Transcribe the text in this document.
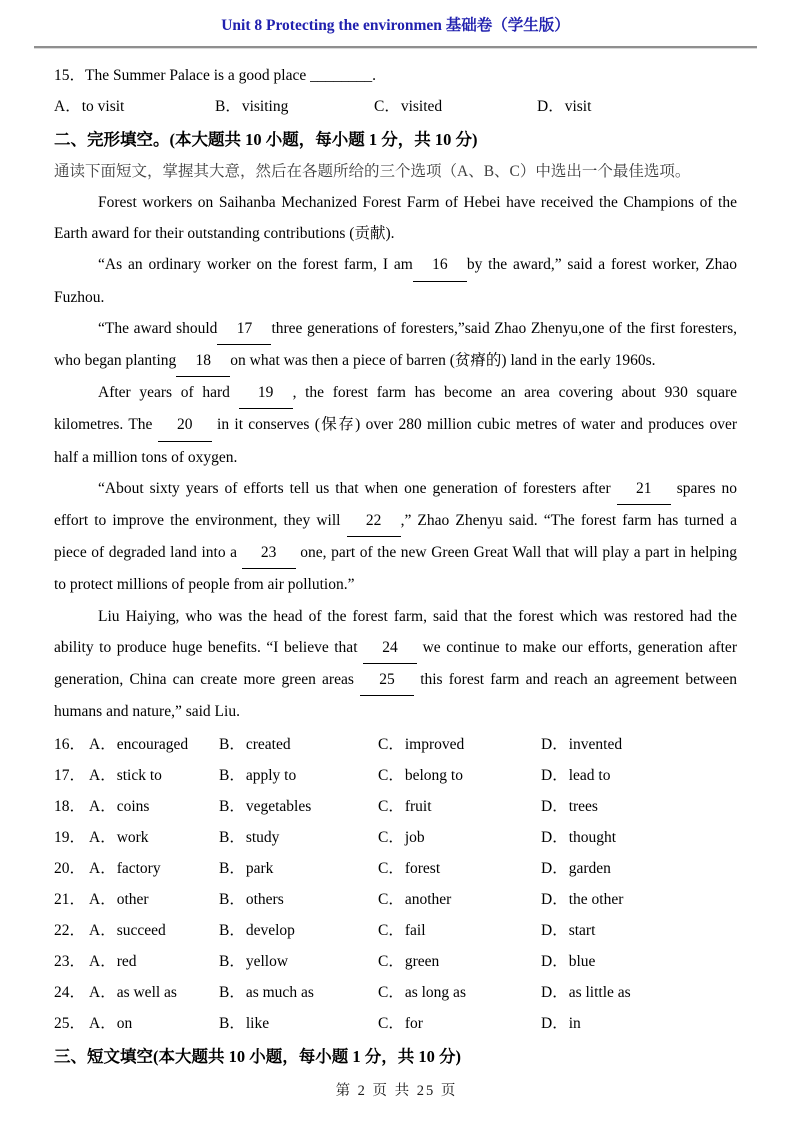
Unit 8 Protecting the environmen 基础卷（学生版）
15．The Summer Palace is a good place ________.
A．to visit	B．visiting	C．visited	D．visit
二、完形填空。(本大题共 10 小题，每小题 1 分，共 10 分)
通读下面短文，掌握其大意，然后在各题所给的三个选项（A、B、C）中选出一个最佳选项。

Forest workers on Saihanba Mechanized Forest Farm of Hebei have received the Champions of the Earth award for their outstanding contributions (贡献).

“As an ordinary worker on the forest farm, I am 16 by the award,” said a forest worker, Zhao Fuzhou.

“The award should 17 three generations of foresters,”said Zhao Zhenyu,one of the first foresters, who began planting 18 on what was then a piece of barren (贫瘠的) land in the early 1960s.

After years of hard 19 , the forest farm has become an area covering about 930 square kilometres. The 20 in it conserves (保存) over 280 million cubic metres of water and produces over half a million tons of oxygen.

“About sixty years of efforts tell us that when one generation of foresters after 21 spares no effort to improve the environment, they will 22 ,” Zhao Zhenyu said. “The forest farm has turned a piece of degraded land into a 23 one, part of the new Green Great Wall that will play a part in helping to protect millions of people from air pollution.”

Liu Haiying, who was the head of the forest farm, said that the forest which was restored had the ability to produce huge benefits. “I believe that 24 we continue to make our efforts, generation after generation, China can create more green areas 25 this forest farm and reach an agreement between humans and nature,” said Liu.

16． A．encouraged	B．created	C．improved	D．invented
17． A．stick to	B．apply to	C．belong to	D．lead to
18． A．coins	B．vegetables	C．fruit	D．trees
19． A．work	B．study	C．job	D．thought
20． A．factory	B．park	C．forest	D．garden
21． A．other	B．others	C．another	D．the other
22． A．succeed	B．develop	C．fail	D．start
23． A．red	B．yellow	C．green	D．blue
24． A．as well as	B．as much as	C．as long as	D．as little as
25． A．on	B．like	C．for	D．in
三、短文填空(本大题共 10 小题，每小题 1 分，共 10 分)
第 2 页 共 25 页
